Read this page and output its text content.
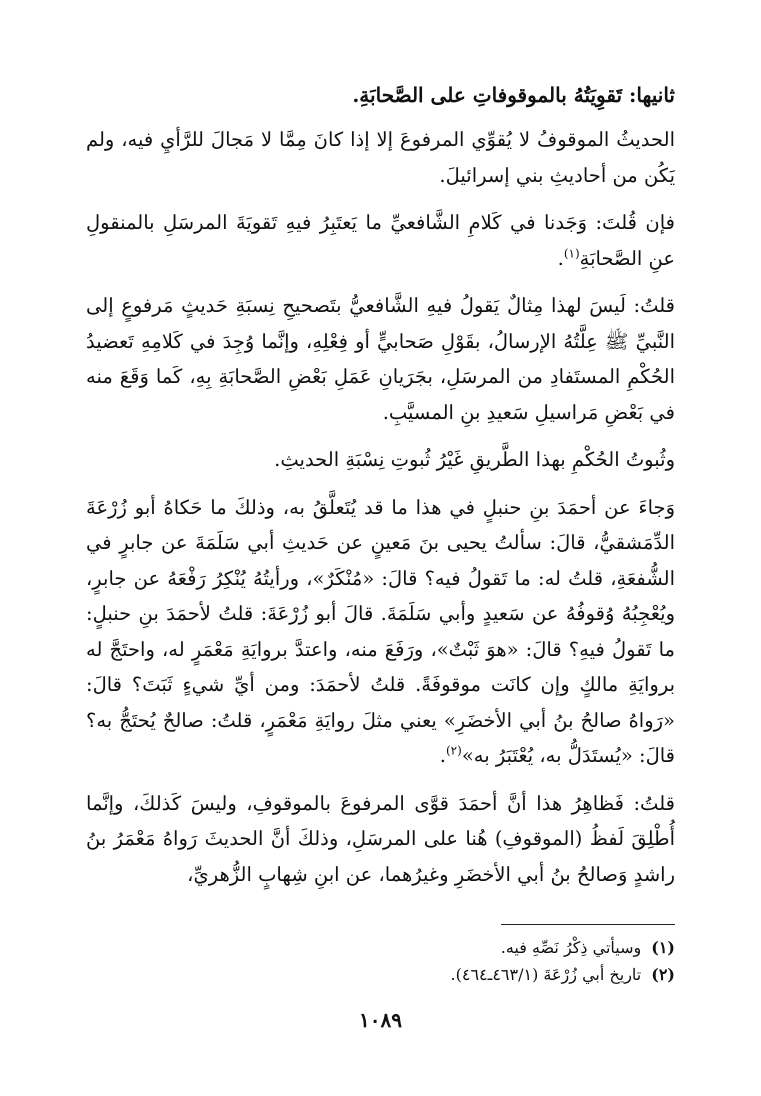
ثانيها: تَقوِيَتُهُ بالموقوفاتِ على الصَّحابَةِ.

الحديثُ الموقوفُ لا يُقوِّي المرفوعَ إلا إذا كانَ مِمَّا لا مَجالَ للرَّأيِ فيه، ولم يَكُن من أحاديثِ بني إسرائيلَ.

فإن قُلتَ: وَجَدنا في كَلامِ الشَّافعيِّ ما يَعتَبِرُ فيهِ تَقويَةَ المرسَلِ بالمنقولِ عنِ الصَّحابَةِ$^{(١)}$.

قلتُ: لَيسَ لهذا مِثالٌ يَقولُ فيهِ الشَّافعيُّ بتَصحيحِ نِسبَةِ حَديثٍ مَرفوعٍ إلى النَّبيِّ ﷺ عِلَّتُهُ الإرسالُ، بقَوْلِ صَحابيٍّ أو فِعْلِهِ، وإنَّما وُجِدَ في كَلامِهِ تَعضيدُ الحُكْمِ المستَفادِ من المرسَلِ، بجَرَيانِ عَمَلِ بَعْضِ الصَّحابَةِ بِهِ، كَما وَقَعَ منه في بَعْضِ مَراسيلِ سَعيدِ بنِ المسيَّبِ.

وثُبوتُ الحُكْمِ بهذا الطَّريقِ غَيْرُ ثُبوتِ نِسْبَةِ الحديثِ.

وَجاءَ عن أحمَدَ بنِ حنبلٍ في هذا ما قد يُتَعلَّقُ به، وذلكَ ما حَكاهُ أبو زُرْعَةَ الدِّمَشقيُّ، قالَ: سألتُ يحيى بنَ مَعينٍ عن حَديثِ أبي سَلَمَةَ عن جابرٍ في الشُّفعَةِ، قلتُ له: ما تَقولُ فيه؟ قالَ: «مُنْكَرٌ»، ورأيتُهُ يُنْكِرُ رَفْعَهُ عن جابرٍ، ويُعْجِبُهُ وُقوفُهُ عن سَعيدٍ وأبي سَلَمَةَ. قالَ أبو زُرْعَةَ: قلتُ لأحمَدَ بنِ حنبلٍ: ما تَقولُ فيهِ؟ قالَ: «هوَ ثَبْتٌ»، ورَفَعَ منه، واعتدَّ بروايَةِ مَعْمَرٍ له، واحتَجَّ له بروايَةِ مالكٍ وإن كانَت موقوفَةً. قلتُ لأحمَدَ: ومن أيِّ شيءٍ ثَبَتَ؟ قالَ: «رَواهُ صالحُ بنُ أبي الأخضَرِ» يعني مثلَ روايَةِ مَعْمَرٍ، قلتُ: صالحٌ يُحتَجُّ به؟ قالَ: «يُستَدَلُّ به، يُعْتَبَرُ به»$^{(٢)}$.

قلتُ: فَظاهِرُ هذا أنَّ أحمَدَ قوَّى المرفوعَ بالموقوفِ، وليسَ كَذلكَ، وإنَّما أُطْلِقَ لَفظُ (الموقوفِ) هُنا على المرسَلِ، وذلكَ أنَّ الحديثَ رَواهُ مَعْمَرُ بنُ راشدٍ وَصالحُ بنُ أبي الأخضَرِ وغيرُهما، عن ابنِ شِهابٍ الزُّهريِّ،

(١)وسيأتي ذِكْرُ نَصِّهِ فيه.
(٢)تاريخ أبي زُرْعَةَ (٤٦٣/١ـ٤٦٤).
١٠٨٩
